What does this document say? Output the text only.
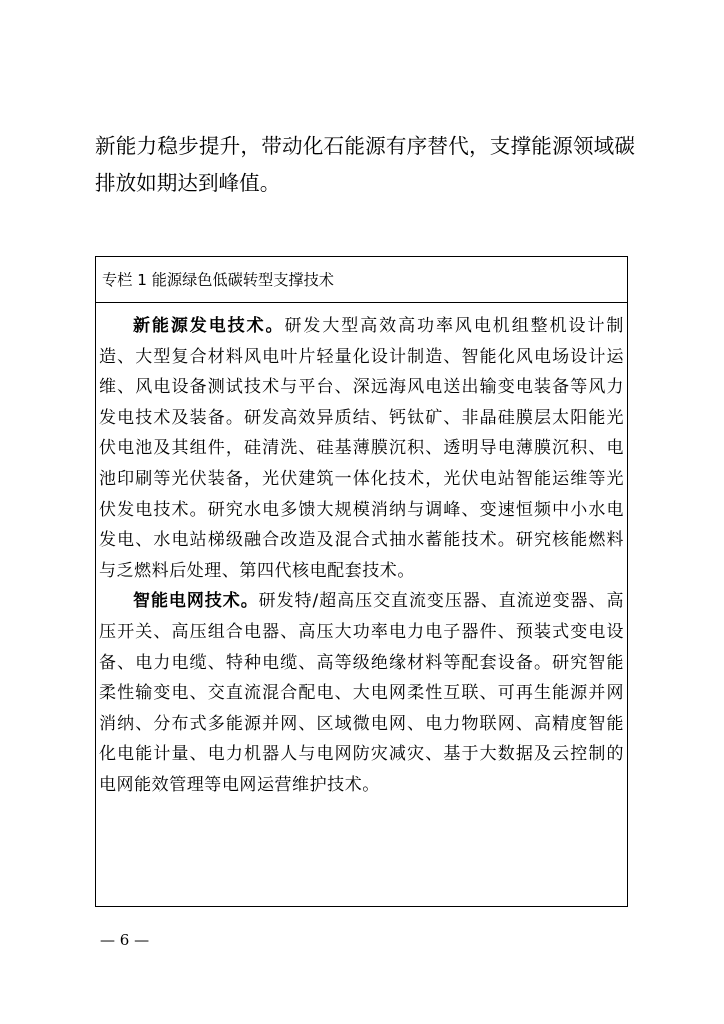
新能力稳步提升，带动化石能源有序替代，支撑能源领域碳排放如期达到峰值。
专栏 1 能源绿色低碳转型支撑技术

新能源发电技术。研发大型高效高功率风电机组整机设计制造、大型复合材料风电叶片轻量化设计制造、智能化风电场设计运维、风电设备测试技术与平台、深远海风电送出输变电装备等风力发电技术及装备。研发高效异质结、钙钛矿、非晶硅膜层太阳能光伏电池及其组件，硅清洗、硅基薄膜沉积、透明导电薄膜沉积、电池印刷等光伏装备，光伏建筑一体化技术，光伏电站智能运维等光伏发电技术。研究水电多馈大规模消纳与调峰、变速恒频中小水电发电、水电站梯级融合改造及混合式抽水蓄能技术。研究核能燃料与乏燃料后处理、第四代核电配套技术。

智能电网技术。研发特/超高压交直流变压器、直流逆变器、高压开关、高压组合电器、高压大功率电力电子器件、预装式变电设备、电力电缆、特种电缆、高等级绝缘材料等配套设备。研究智能柔性输变电、交直流混合配电、大电网柔性互联、可再生能源并网消纳、分布式多能源并网、区域微电网、电力物联网、高精度智能化电能计量、电力机器人与电网防灾减灾、基于大数据及云控制的电网能效管理等电网运营维护技术。

— 6 —
